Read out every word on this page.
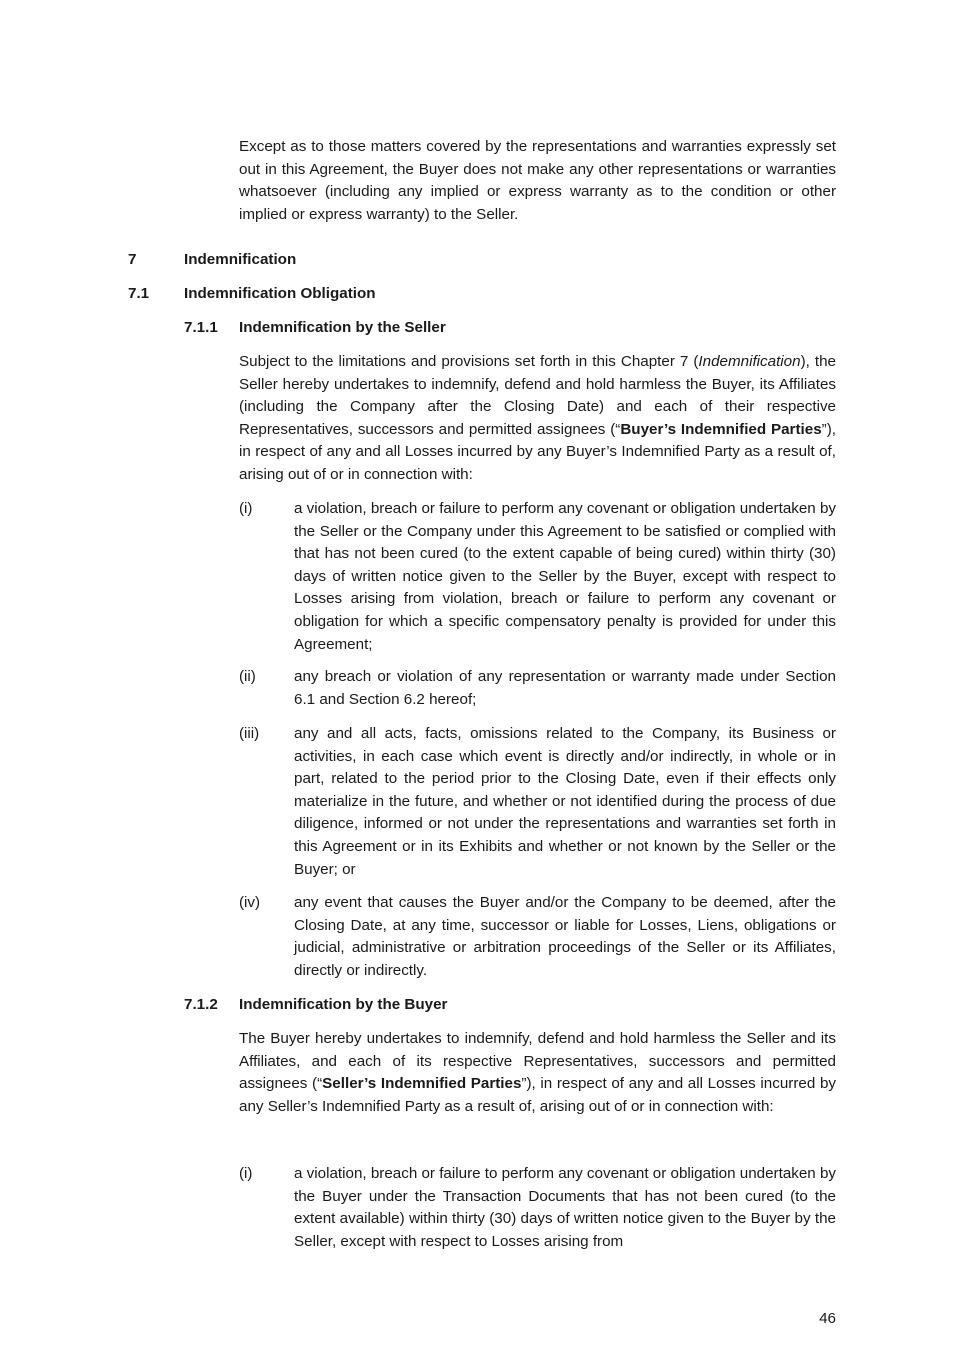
Except as to those matters covered by the representations and warranties expressly set out in this Agreement, the Buyer does not make any other representations or warranties whatsoever (including any implied or express warranty as to the condition or other implied or express warranty) to the Seller.

7	Indemnification

7.1 Indemnification Obligation

7.1.1 Indemnification by the Seller

Subject to the limitations and provisions set forth in this Chapter 7 (Indemnification), the Seller hereby undertakes to indemnify, defend and hold harmless the Buyer, its Affiliates (including the Company after the Closing Date) and each of their respective Representatives, successors and permitted assignees (“Buyer’s Indemnified Parties”), in respect of any and all Losses incurred by any Buyer’s Indemnified Party as a result of, arising out of or in connection with:

(i)	a violation, breach or failure to perform any covenant or obligation undertaken by the Seller or the Company under this Agreement to be satisfied or complied with that has not been cured (to the extent capable of being cured) within thirty (30) days of written notice given to the Seller by the Buyer, except with respect to Losses arising from violation, breach or failure to perform any covenant or obligation for which a specific compensatory penalty is provided for under this Agreement;

(ii)	any breach or violation of any representation or warranty made under Section 6.1 and Section 6.2 hereof;

(iii) any and all acts, facts, omissions related to the Company, its Business or activities, in each case which event is directly and/or indirectly, in whole or in part, related to the period prior to the Closing Date, even if their effects only materialize in the future, and whether or not identified during the process of due diligence, informed or not under the representations and warranties set forth in this Agreement or in its Exhibits and whether or not known by the Seller or the Buyer; or

(iv) any event that causes the Buyer and/or the Company to be deemed, after the Closing Date, at any time, successor or liable for Losses, Liens, obligations or judicial, administrative or arbitration proceedings of the Seller or its Affiliates, directly or indirectly.

7.1.2 Indemnification by the Buyer

The Buyer hereby undertakes to indemnify, defend and hold harmless the Seller and its Affiliates, and each of its respective Representatives, successors and permitted assignees (“Seller’s Indemnified Parties”), in respect of any and all Losses incurred by any Seller’s Indemnified Party as a result of, arising out of or in connection with:

(i)	a violation, breach or failure to perform any covenant or obligation undertaken by the Buyer under the Transaction Documents that has not been cured (to the extent available) within thirty (30) days of written notice given to the Buyer by the Seller, except with respect to Losses arising from

46
